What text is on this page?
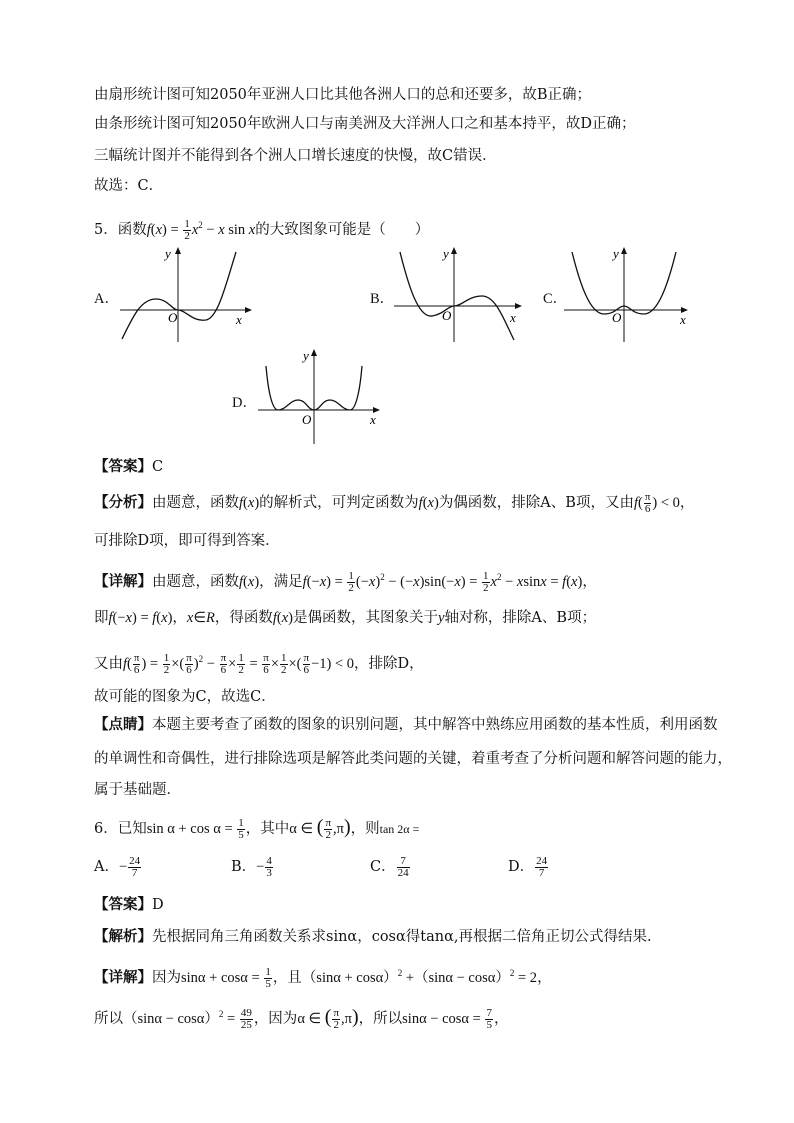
由扇形统计图可知2050年亚洲人口比其他各洲人口的总和还要多，故B正确；
由条形统计图可知2050年欧洲人口与南美洲及大洋洲人口之和基本持平，故D正确；
三幅统计图并不能得到各个洲人口增长速度的快慢，故C错误．
故选：C．
5．函数$f(x) = \frac{1}{2} x^2 - x$ sin x的大致图象可能是（　　）
A．	B．	C．
D．
O	x
y
O	x
y
O	x
y
O	x
y
【答案】C
【分析】由题意，函数f(x)的解析式，可判定函数为f(x)为偶函数，排除A、B项，又由$f( \frac{\pi}{6}$ ) < 0，
可排除D项，即可得到答案．
【详解】由题意，函数f(x)，满足$f(-x) = \frac{1}{2} (-x)^2 - (-x)\sin(-x) = \frac{1}{2} x^2 - xsinx = f(x)$，
即f(−x) = f(x)，x∈R，得函数f(x)是偶函数，其图象关于y轴对称，排除A、B项；
又由$f( \frac{\pi}{6}$ ) = $\frac{1}{2}$ ×( $\frac{\pi}{6} )^2 - \frac{\pi}{6} \times \frac{1}{2} = \frac{\pi}{6} \times \frac{1}{2}$ ×( $\frac{\pi}{6} -1) < 0$，排除D，
故可能的图象为C，故选C．
【点睛】本题主要考查了函数的图象的识别问题，其中解答中熟练应用函数的基本性质，利用函数
的单调性和奇偶性，进行排除选项是解答此类问题的关键，着重考查了分析问题和解答问题的能力，
属于基础题．
6．已知$\sin \alpha + \cos \alpha = \frac{1}{5}$ ，其中α ∈ ( $\frac{\pi}{2} ,\pi$)，则tan 2α =
A．− $\frac{24}{7}$	B．− $\frac{4}{3}$	C． $\frac{7}{24}$	D． $\frac{24}{7}$
【答案】D
【解析】先根据同角三角函数关系求sinα，cosα得tanα,再根据二倍角正切公式得结果.
【详解】因为$\sin\alpha + \cos\alpha = \frac{1}{5}$ ，且$(\sin\alpha + \cos\alpha)^2 +(\sin\alpha - \cos\alpha)^2 = 2$，
所以$(\sin\alpha - \cos\alpha)^2 = \frac{49}{25}$ ，因为α ∈ ( $\frac{\pi}{2} ,\pi$)，所以$\sin\alpha - \cos\alpha = \frac{7}{5}$ ，
